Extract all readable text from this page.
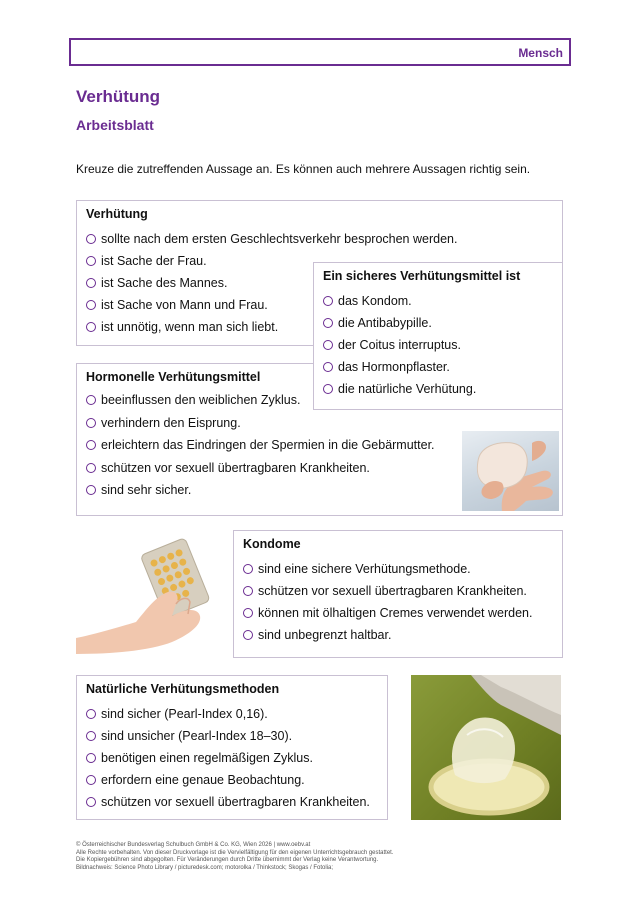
Mensch
Verhütung
Arbeitsblatt
Kreuze die zutreffenden Aussage an. Es können auch mehrere Aussagen richtig sein.
Verhütung
sollte nach dem ersten Geschlechtsverkehr besprochen werden.
ist Sache der Frau.
ist Sache des Mannes.
ist Sache von Mann und Frau.
ist unnötig, wenn man sich liebt.
Hormonelle Verhütungsmittel
beeinflussen den weiblichen Zyklus.
verhindern den Eisprung.
erleichtern das Eindringen der Spermien in die Gebärmutter.
schützen vor sexuell übertragbaren Krankheiten.
sind sehr sicher.
Ein sicheres Verhütungsmittel ist
das Kondom.
die Antibabypille.
der Coitus interruptus.
das Hormonpflaster.
die natürliche Verhütung.
Kondome
sind eine sichere Verhütungsmethode.
schützen vor sexuell übertragbaren Krankheiten.
können mit ölhaltigen Cremes verwendet werden.
sind unbegrenzt haltbar.
Natürliche Verhütungsmethoden
sind sicher (Pearl-Index 0,16).
sind unsicher (Pearl-Index 18–30).
benötigen einen regelmäßigen Zyklus.
erfordern eine genaue Beobachtung.
schützen vor sexuell übertragbaren Krankheiten.
© Österreichischer Bundesverlag Schulbuch GmbH & Co. KG, Wien 2026 | www.oebv.at
Alle Rechte vorbehalten. Von dieser Druckvorlage ist die Vervielfältigung für den eigenen Unterrichtsgebrauch gestattet.
Die Kopiergebühren sind abgegolten. Für Veränderungen durch Dritte übernimmt der Verlag keine Verantwortung.
Bildnachweis: Science Photo Library / picturedesk.com; motorolka / Thinkstock; Skogas / Fotolia;
